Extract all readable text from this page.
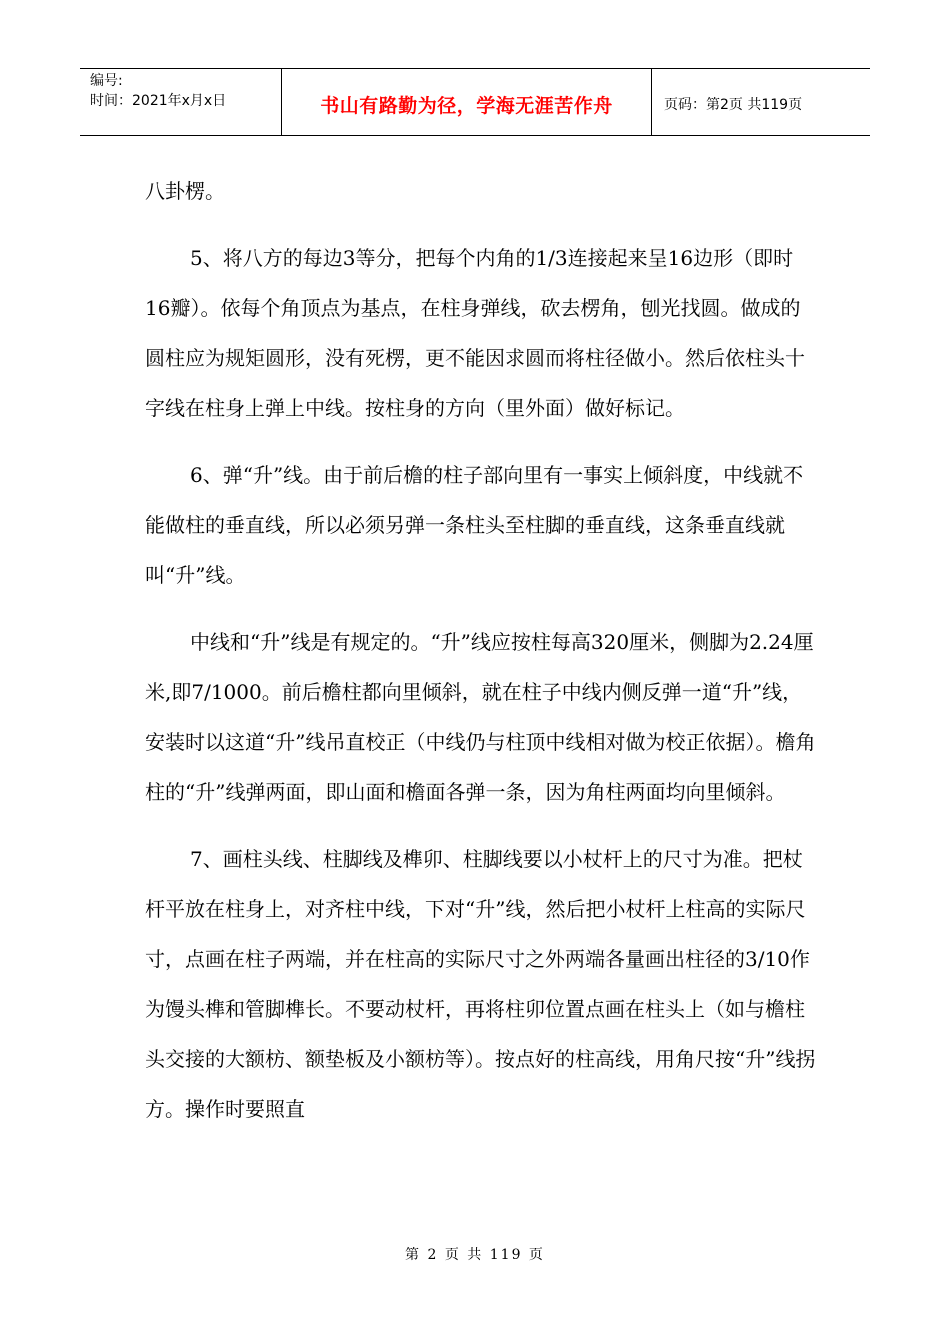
编号:
时间：2021年x月x日	书山有路勤为径，学海无涯苦作舟	页码：第2页 共119页

八卦楞。

5、将八方的每边3等分，把每个内角的1/3连接起来呈16边形（即时16瓣）。依每个角顶点为基点，在柱身弹线，砍去楞角，刨光找圆。做成的圆柱应为规矩圆形，没有死楞，更不能因求圆而将柱径做小。然后依柱头十字线在柱身上弹上中线。按柱身的方向（里外面）做好标记。

6、弹“升”线。由于前后檐的柱子部向里有一事实上倾斜度，中线就不能做柱的垂直线，所以必须另弹一条柱头至柱脚的垂直线，这条垂直线就叫“升”线。

中线和“升”线是有规定的。“升”线应按柱每高320厘米，侧脚为2.24厘米,即7/1000。前后檐柱都向里倾斜，就在柱子中线内侧反弹一道“升”线，安装时以这道“升”线吊直校正（中线仍与柱顶中线相对做为校正依据）。檐角柱的“升”线弹两面，即山面和檐面各弹一条，因为角柱两面均向里倾斜。

7、画柱头线、柱脚线及榫卯、柱脚线要以小杖杆上的尺寸为准。把杖杆平放在柱身上，对齐柱中线，下对“升”线，然后把小杖杆上柱高的实际尺寸，点画在柱子两端，并在柱高的实际尺寸之外两端各量画出柱径的3/10作为馒头榫和管脚榫长。不要动杖杆，再将柱卯位置点画在柱头上（如与檐柱头交接的大额枋、额垫板及小额枋等）。按点好的柱高线，用角尺按“升”线拐方。操作时要照直

第 2 页 共 119 页
